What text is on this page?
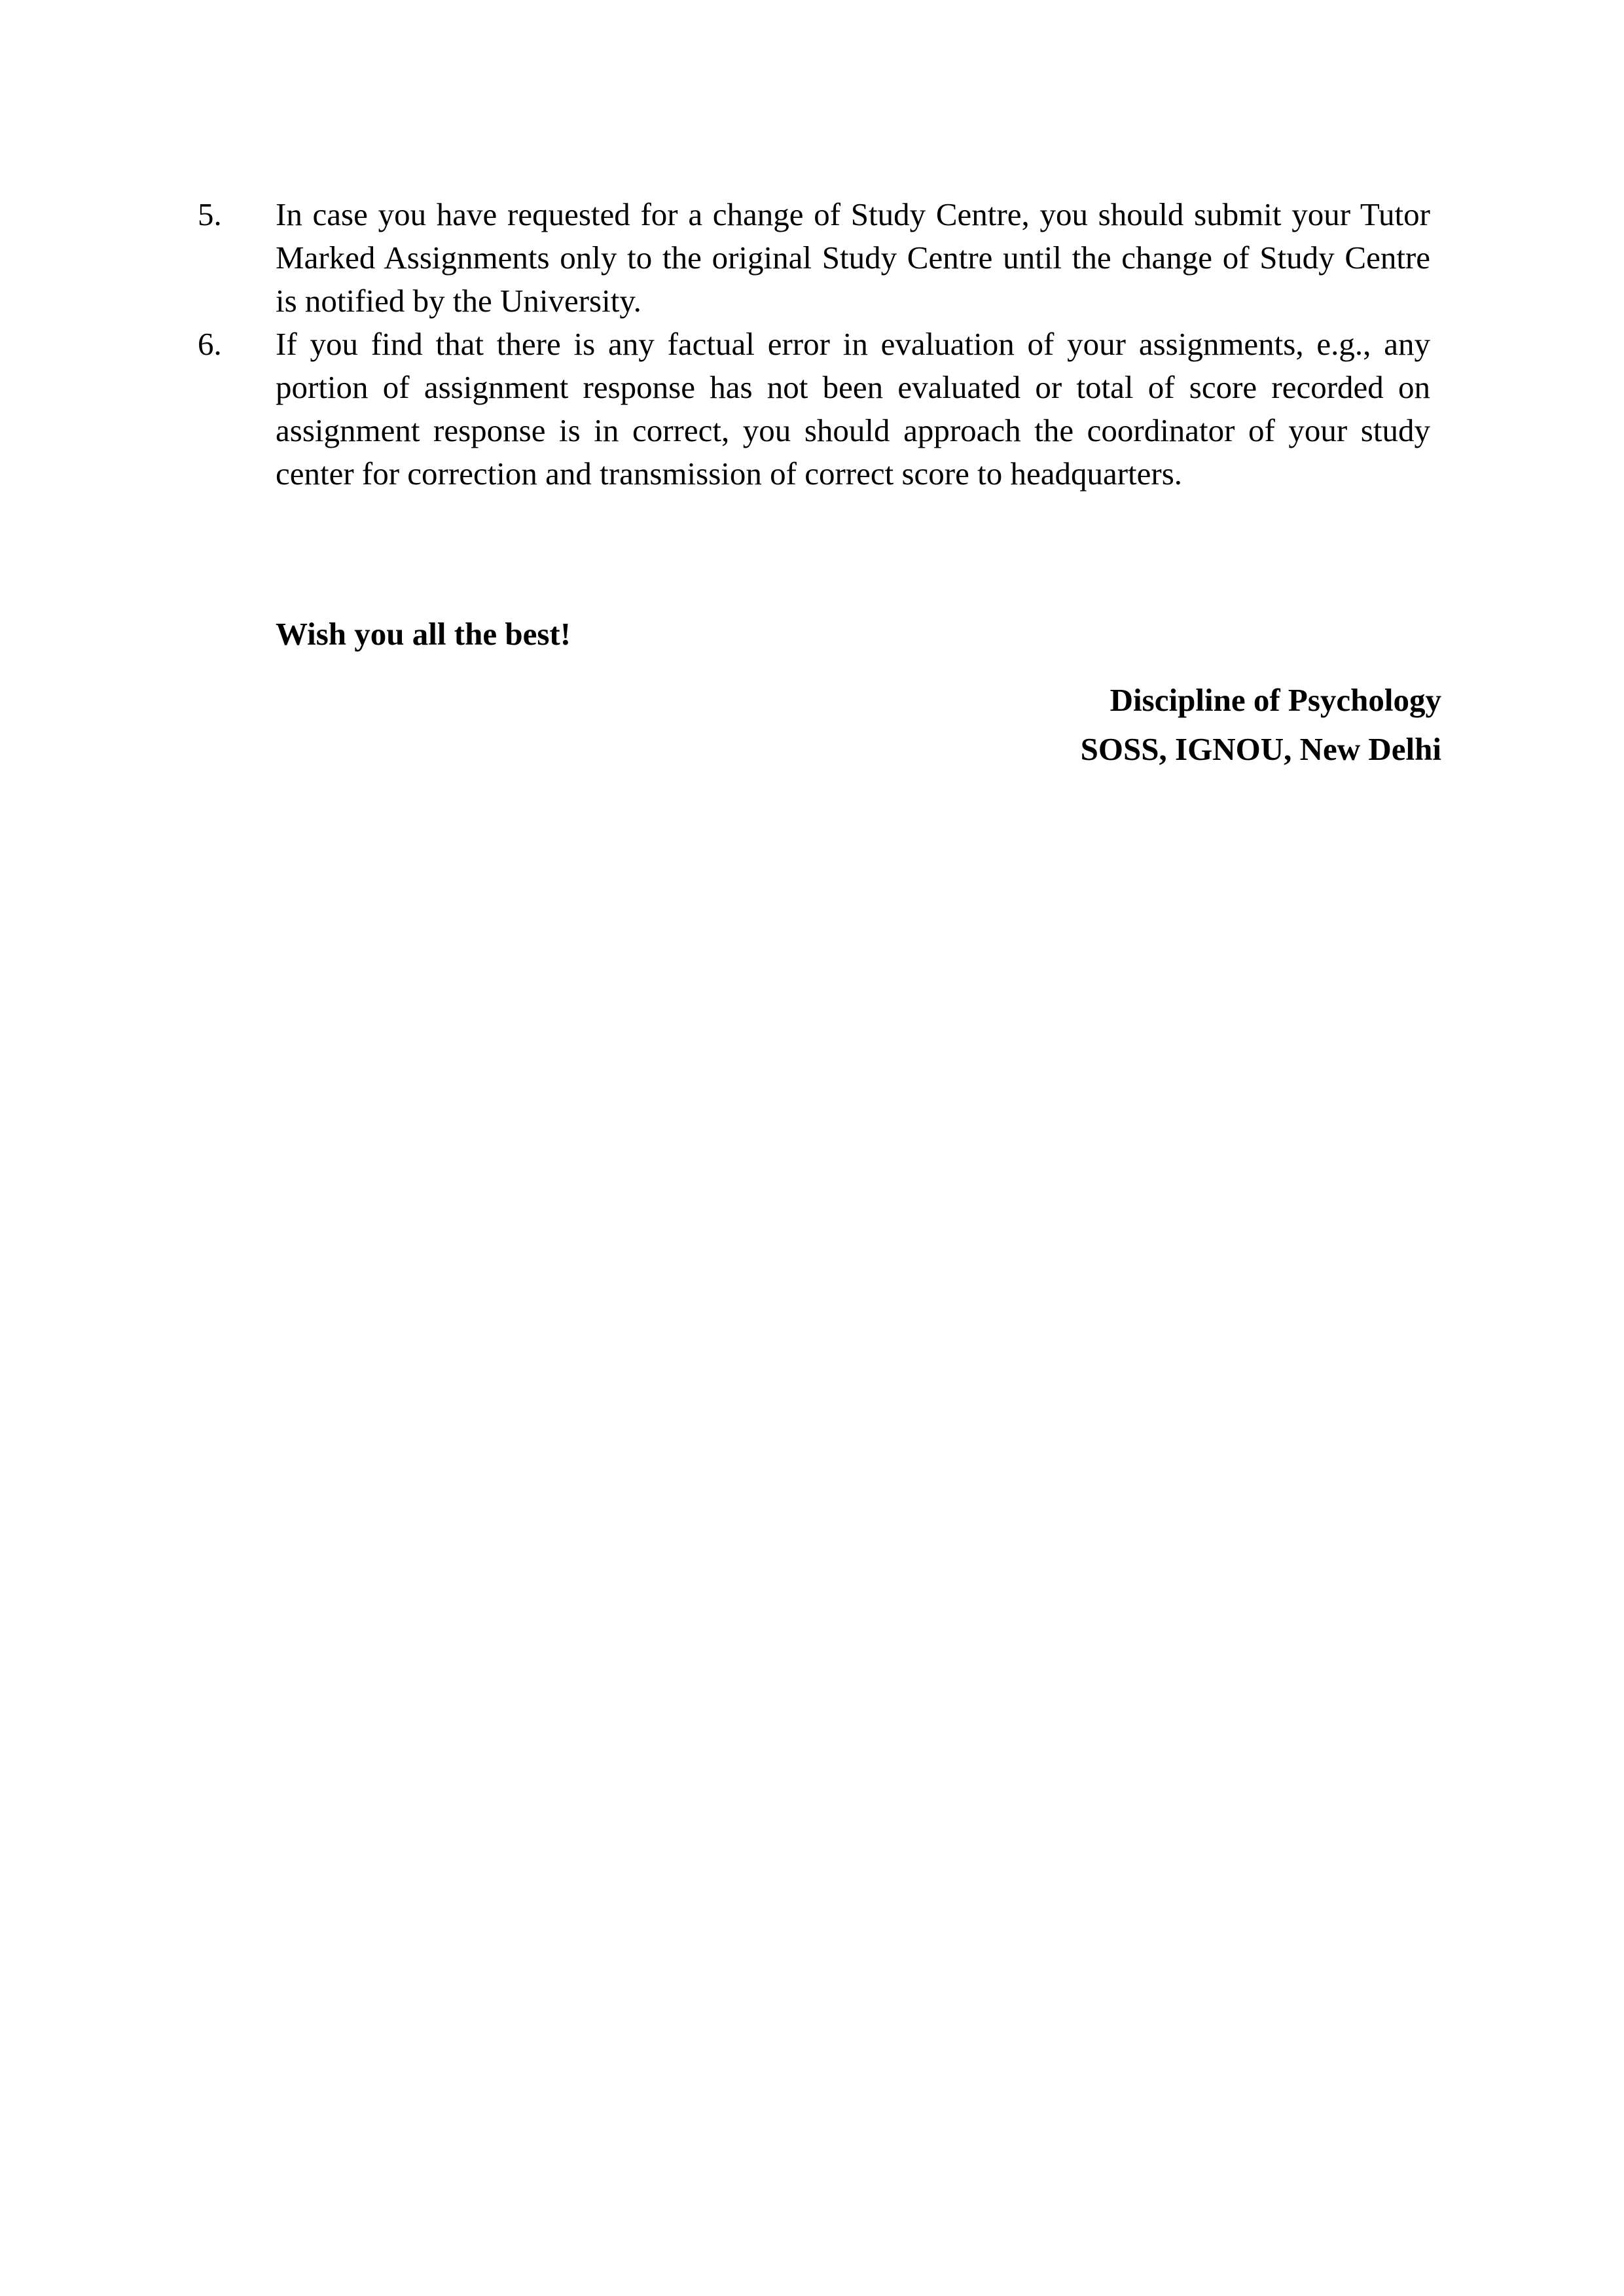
5.	In case you have requested for a change of Study Centre, you should submit your Tutor
Marked Assignments only to the original Study Centre until the change of Study Centre
is notified by the University.
6.	If you find that there is any factual error in evaluation of your assignments, e.g., any
portion of assignment response has not been evaluated or total of score recorded on
assignment response is in correct, you should approach the coordinator of your study
center for correction and transmission of correct score to headquarters.

Wish you all the best!

Discipline of Psychology
SOSS, IGNOU, New Delhi
